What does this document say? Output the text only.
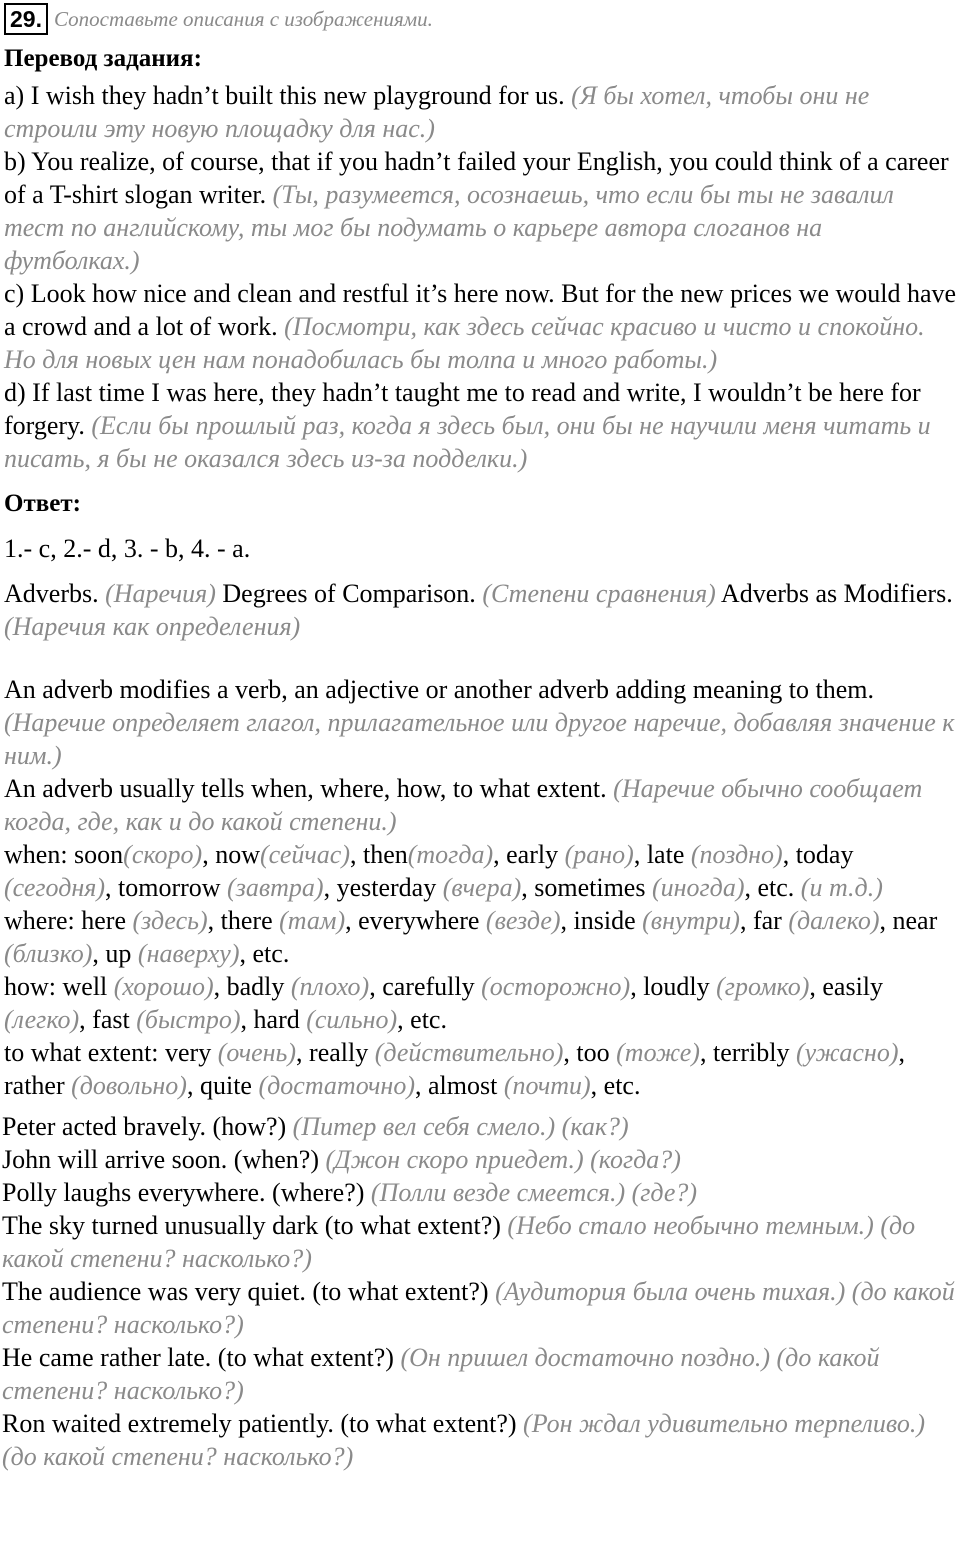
29. Сопоставьте описания с изображениями.
Перевод задания:

a) I wish they hadn’t built this new playground for us. (Я бы хотел, чтобы они не строили эту новую площадку для нас.)

b) You realize, of course, that if you hadn’t failed your English, you could think of a career of a T-shirt slogan writer. (Ты, разумеется, осознаешь, что если бы ты не завалил тест по английскому, ты мог бы подумать о карьере автора слоганов на футболках.)

c) Look how nice and clean and restful it’s here now. But for the new prices we would have a crowd and a lot of work. (Посмотри, как здесь сейчас красиво и чисто и спокойно. Но для новых цен нам понадобилась бы толпа и много работы.)

d) If last time I was here, they hadn’t taught me to read and write, I wouldn’t be here for forgery. (Если бы прошлый раз, когда я здесь был, они бы не научили меня читать и писать, я бы не оказался здесь из-за подделки.)

Ответ:

1.- c, 2.- d, 3. - b, 4. - a.

Adverbs. (Наречия) Degrees of Comparison. (Степени сравнения) Adverbs as Modifiers. (Наречия как определения)

An adverb modifies a verb, an adjective or another adverb adding meaning to them. (Наречие определяет глагол, прилагательное или другое наречие, добавляя значение к ним.)

An adverb usually tells when, where, how, to what extent. (Наречие обычно сообщает когда, где, как и до какой степени.)

when: soon(скоро), now(сейчас), then(тогда), early (рано), late (поздно), today (сегодня), tomorrow (завтра), yesterday (вчера), sometimes (иногда), etc. (и т.д.)

where: here (здесь), there (там), everywhere (везде), inside (внутри), far (далеко), near (близко), up (наверху), etc.

how: well (хорошо), badly (плохо), carefully (осторожно), loudly (громко), easily (легко), fast (быстро), hard (сильно), etc.

to what extent: very (очень), really (действительно), too (тоже), terribly (ужасно), rather (довольно), quite (достаточно), almost (почти), etc.

Peter acted bravely. (how?) (Питер вел себя смело.) (как?)

John will arrive soon. (when?) (Джон скоро приедет.) (когда?)

Polly laughs everywhere. (where?) (Полли везде смеется.) (где?)

The sky turned unusually dark (to what extent?) (Небо стало необычно темным.) (до какой степени? насколько?)

The audience was very quiet. (to what extent?) (Аудитория была очень тихая.) (до какой степени? насколько?)

He came rather late. (to what extent?) (Он пришел достаточно поздно.) (до какой степени? насколько?)

Ron waited extremely patiently. (to what extent?) (Рон ждал удивительно терпеливо.) (до какой степени? насколько?)
